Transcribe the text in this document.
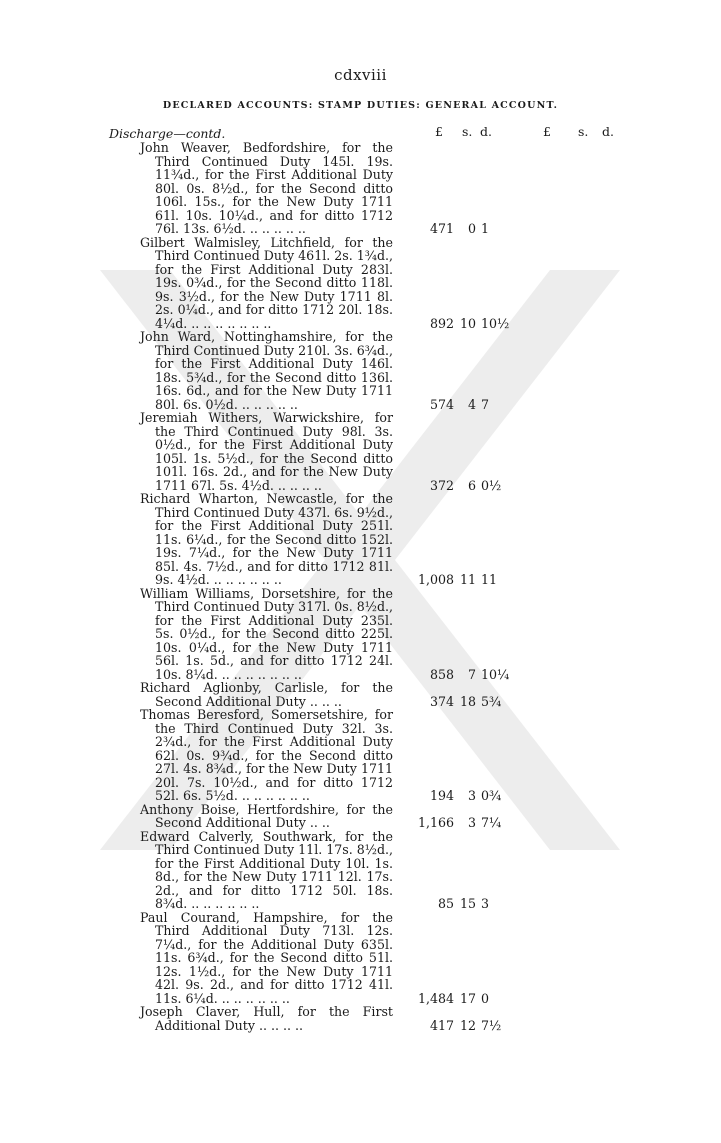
cdxviii
DECLARED ACCOUNTS: STAMP DUTIES: GENERAL ACCOUNT.
Discharge—contd.	£ s. d.	£ s. d.
John Weaver, Bedfordshire, for the Third Continued Duty 145l. 19s. 11¾d., for the First Additional Duty 80l. 0s. 8½d., for the Second ditto 106l. 15s., for the New Duty 1711 61l. 10s. 10¼d., and for ditto 1712 76l. 13s. 6½d. .. .. .. .. ..	471	0 1
Gilbert Walmisley, Litchfield, for the Third Continued Duty 461l. 2s. 1¾d., for the First Additional Duty 283l. 19s. 0¾d., for the Second ditto 118l. 9s. 3½d., for the New Duty 1711 8l. 2s. 0¼d., and for ditto 1712 20l. 18s. 4¼d. .. .. .. .. .. .. ..	892 10 10½
John Ward, Nottinghamshire, for the Third Continued Duty 210l. 3s. 6¾d., for the First Additional Duty 146l. 18s. 5¾d., for the Second ditto 136l. 16s. 6d., and for the New Duty 1711 80l. 6s. 0½d. .. .. .. .. ..	574	4 7
Jeremiah Withers, Warwickshire, for the Third Continued Duty 98l. 3s. 0½d., for the First Additional Duty 105l. 1s. 5½d., for the Second ditto 101l. 16s. 2d., and for the New Duty 1711 67l. 5s. 4½d. .. .. .. ..	372	6 0½
Richard Wharton, Newcastle, for the Third Continued Duty 437l. 6s. 9½d., for the First Additional Duty 251l. 11s. 6¼d., for the Second ditto 152l. 19s. 7¼d., for the New Duty 1711 85l. 4s. 7½d., and for ditto 1712 81l. 9s. 4½d. .. .. .. .. .. ..	1,008 11 11
William Williams, Dorsetshire, for the Third Continued Duty 317l. 0s. 8½d., for the First Additional Duty 235l. 5s. 0½d., for the Second ditto 225l. 10s. 0¼d., for the New Duty 1711 56l. 1s. 5d., and for ditto 1712 24l. 10s. 8¼d. .. .. .. .. .. .. ..	858	7 10¼
Richard Aglionby, Carlisle, for the Second Additional Duty .. .. ..	374 18 5¾
Thomas Beresford, Somersetshire, for the Third Continued Duty 32l. 3s. 2¾d., for the First Additional Duty 62l. 0s. 9¾d., for the Second ditto 27l. 4s. 8¾d., for the New Duty 1711 20l. 7s. 10½d., and for ditto 1712 52l. 6s. 5½d. .. .. .. .. .. ..	194	3 0¾
Anthony Boise, Hertfordshire, for the Second Additional Duty .. ..	1,166	3 7¼
Edward Calverly, Southwark, for the Third Continued Duty 11l. 17s. 8½d., for the First Additional Duty 10l. 1s. 8d., for the New Duty 1711 12l. 17s. 2d., and for ditto 1712 50l. 18s. 8¾d. .. .. .. .. .. ..	85 15 3
Paul Courand, Hampshire, for the Third Additional Duty 713l. 12s. 7¼d., for the Additional Duty 635l. 11s. 6¾d., for the Second ditto 51l. 12s. 1½d., for the New Duty 1711 42l. 9s. 2d., and for ditto 1712 41l. 11s. 6¼d. .. .. .. .. .. ..	1,484 17 0
Joseph Claver, Hull, for the First Additional Duty .. .. .. ..	417 12 7½
